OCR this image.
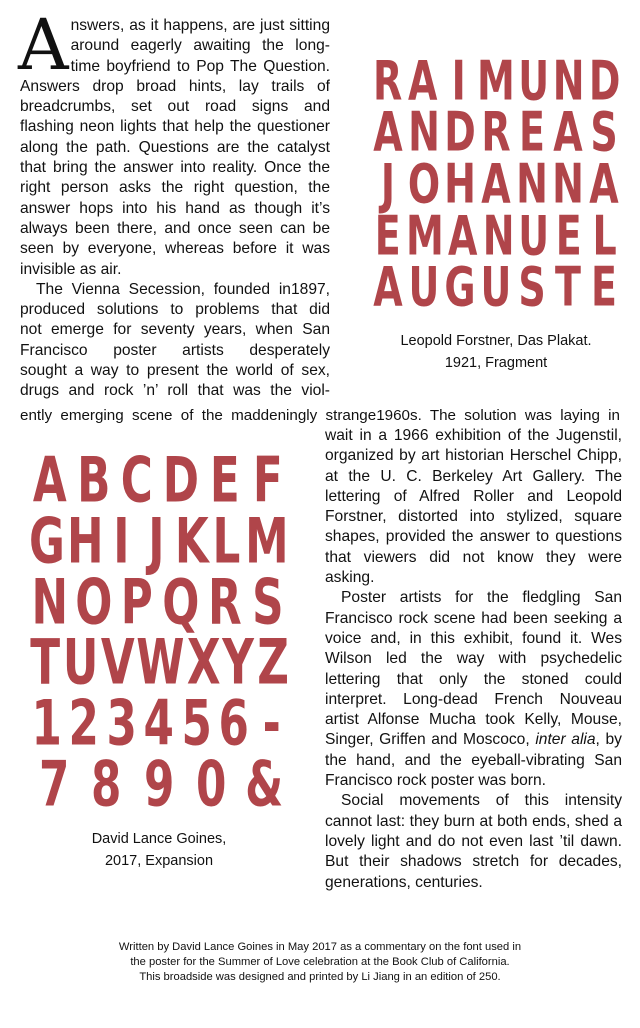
Answers, as it happens, are just sitting around eagerly awaiting the long-time boyfriend to Pop The Question. Answers drop broad hints, lay trails of breadcrumbs, set out road signs and flashing neon lights that help the questioner along the path. Questions are the catalyst that bring the answer into reality. Once the right person asks the right question, the answer hops into his hand as though it’s always been there, and once seen can be seen by everyone, whereas before it was invisible as air.

The Vienna Secession, founded in1897,

produced solutions to problems that did

not emerge for seventy years, when San

Francisco poster artists desperately

sought a way to present the world of sex,

drugs and rock ’n’ roll that was the viol-

ently emerging scene of the maddeningly strange1960s. The solution was laying in

wait in a 1966 exhibition of the Jugenstil, organized by art historian Herschel Chipp, at the U. C. Berkeley Art Gallery. The lettering of Alfred Roller and Leopold Forstner, distorted into stylized, square shapes, provided the answer to questions that viewers did not know they were asking.

Poster artists for the fledgling San Francisco rock scene had been seeking a voice and, in this exhibit, found it. Wes Wilson led the way with psychedelic lettering that only the stoned could interpret. Long-dead French Nouveau artist Alfonse Mucha took Kelly, Mouse, Singer, Griffen and Moscoco, inter alia, by the hand, and the eyeball-vibrating San Francisco rock poster was born.

Social movements of this intensity cannot last: they burn at both ends, shed a lovely light and do not even last ’til dawn. But their shadows stretch for decades, generations, centuries.

R A I M U N D
A N D R E A S
J O H A N N A
E M A N U E L
A U G U S T E
Leopold Forstner, Das Plakat.
1921, Fragment
A B C D E F
G H I J K L M
N O P Q R S
T U V W X Y Z
1 2 3 4 5 6 -
7 8 9 0 &
David Lance Goines,
2017, Expansion

Written by David Lance Goines in May 2017 as a commentary on the font used in

the poster for the Summer of Love celebration at the Book Club of California.

This broadside was designed and printed by Li Jiang in an edition of 250.
